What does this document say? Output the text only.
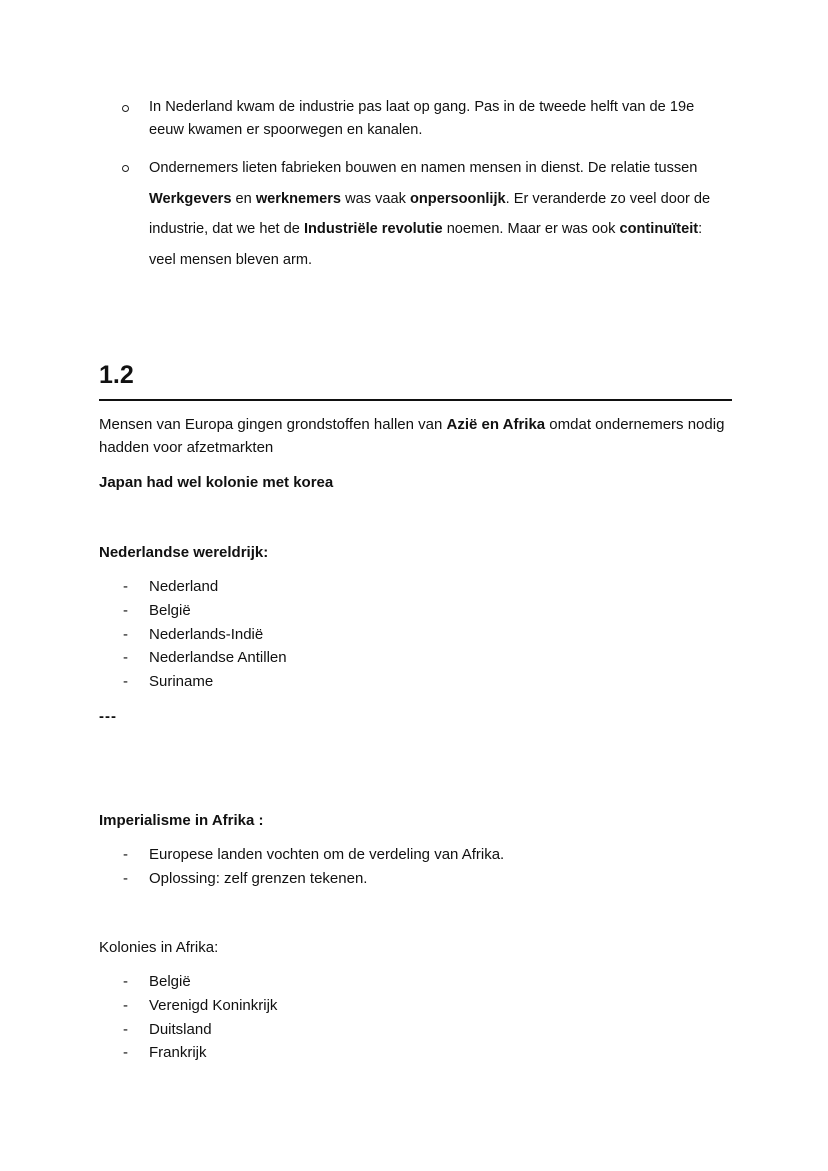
In Nederland kwam de industrie pas laat op gang. Pas in de tweede helft van de 19e eeuw kwamen er spoorwegen en kanalen.
Ondernemers lieten fabrieken bouwen en namen mensen in dienst. De relatie tussen Werkgevers en werknemers was vaak onpersoonlijk. Er veranderde zo veel door de industrie, dat we het de Industriële revolutie noemen. Maar er was ook continuïteit: veel mensen bleven arm.
1.2
Mensen van Europa gingen grondstoffen hallen van Azië en Afrika omdat ondernemers nodig hadden voor afzetmarkten
Japan had wel kolonie met korea
Nederlandse wereldrijk:
- Nederland
- België
- Nederlands-Indië
- Nederlandse Antillen
- Suriname
---
Imperialisme in Afrika :
- Europese landen vochten om de verdeling van Afrika.
- Oplossing: zelf grenzen tekenen.
Kolonies in Afrika:
- België
- Verenigd Koninkrijk
- Duitsland
- Frankrijk
